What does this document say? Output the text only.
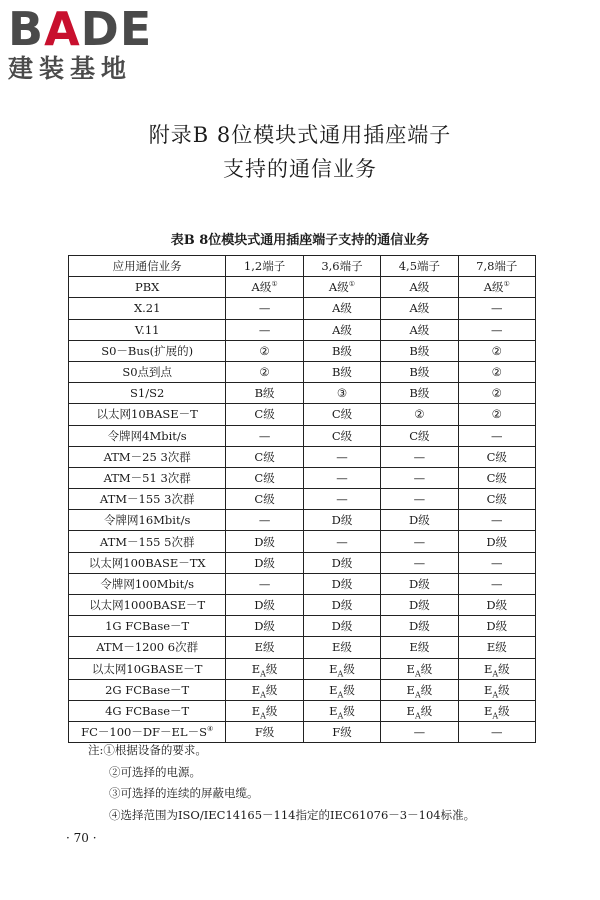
BADE
建装基地
附录B 8位模块式通用插座端子
支持的通信业务
表B 8位模块式通用插座端子支持的通信业务
应用通信业务	1,2端子	3,6端子	4,5端子	7,8端子
PBX	A级①	A级①	A级	A级①
X.21	—	A级	A级	—
V.11	—	A级	A级	—
S0－Bus(扩展的)	②	B级	B级	②
S0点到点	②	B级	B级	②
S1/S2	B级	③	B级	②
以太网10BASE－T	C级	C级	②	②
令牌网4Mbit/s	—	C级	C级	—
ATM－25 3次群	C级	—	—	C级
ATM－51 3次群	C级	—	—	C级
ATM－155 3次群	C级	—	—	C级
令牌网16Mbit/s	—	D级	D级	—
ATM－155 5次群	D级	—	—	D级
以太网100BASE－TX	D级	D级	—	—
令牌网100Mbit/s	—	D级	D级	—
以太网1000BASE－T	D级	D级	D级	D级
1G FCBase－T	D级	D级	D级	D级
ATM－1200 6次群	E级	E级	E级	E级
以太网10GBASE－T	$E_A$级	$E_A$级	$E_A$级	$E_A$级
2G FCBase－T	$E_A$级	$E_A$级	$E_A$级	$E_A$级
4G FCBase－T	$E_A$级	$E_A$级	$E_A$级	$E_A$级
FC－100－DF－EL－S④	F级	F级	—	—
注:①根据设备的要求。
②可选择的电源。
③可选择的连续的屏蔽电缆。
④选择范围为ISO/IEC14165－114指定的IEC61076－3－104标准。
· 70 ·
